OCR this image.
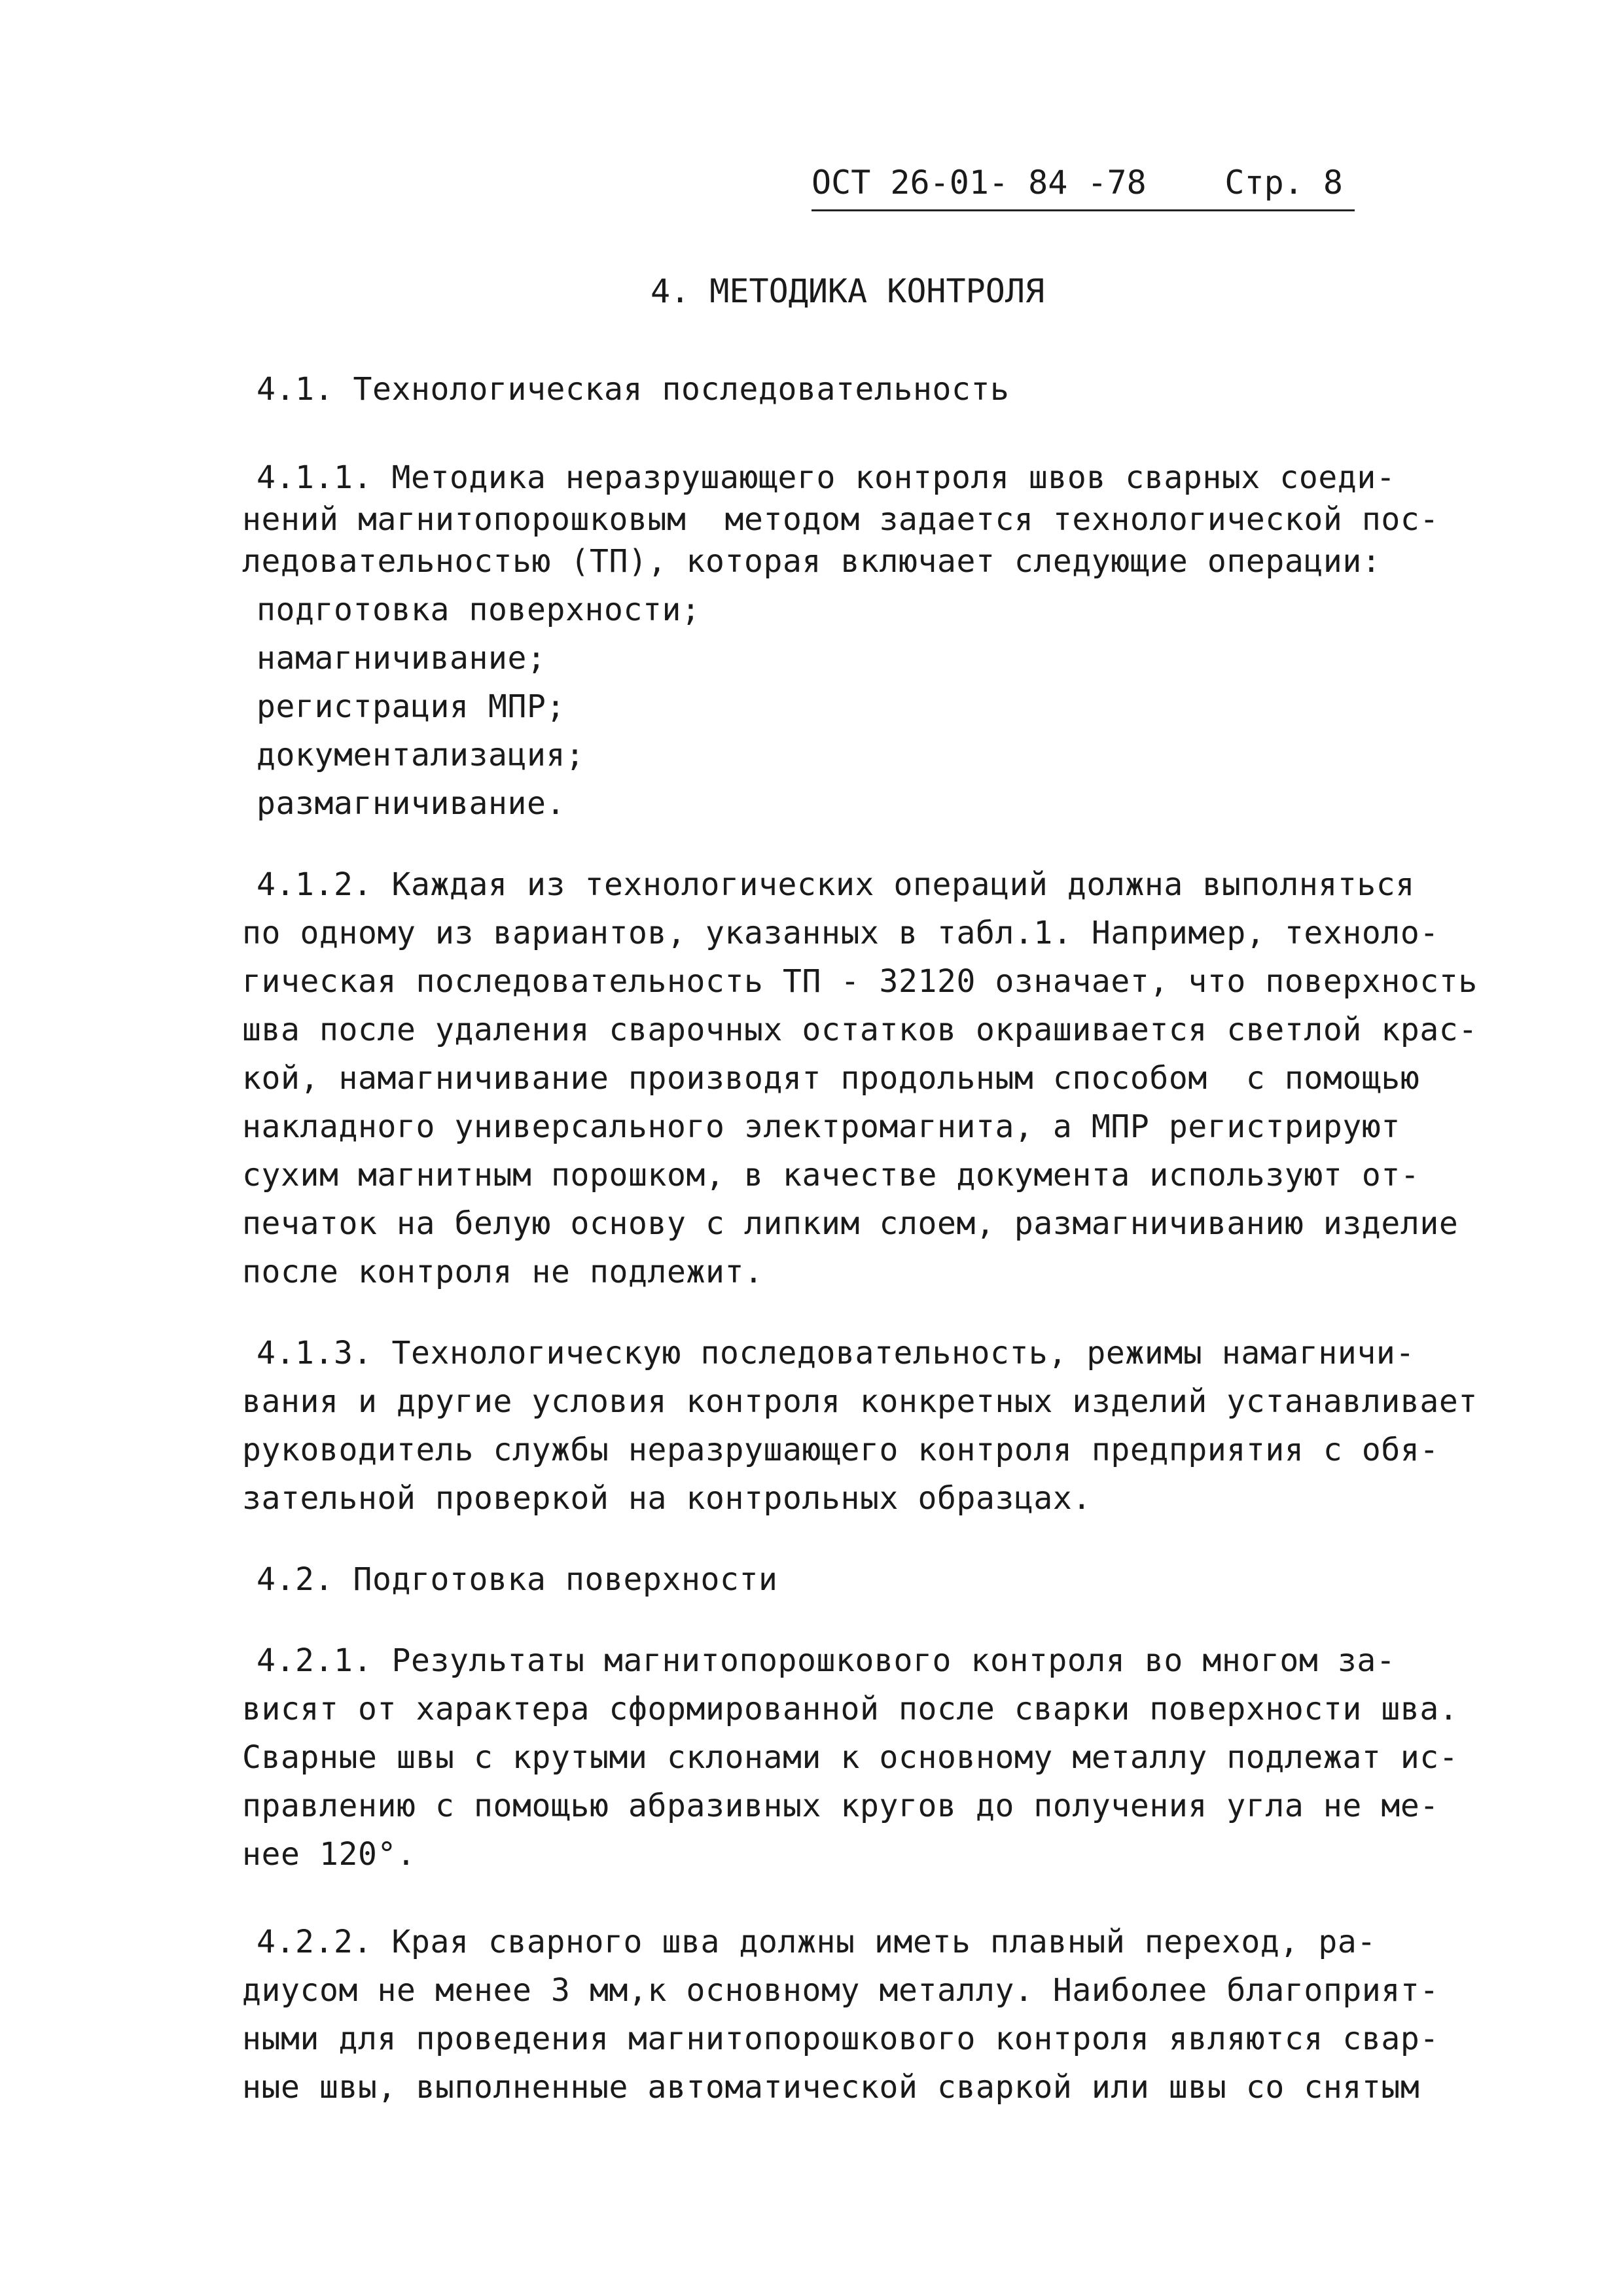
ОСТ 26-01- 84 -78 Стр. 8
4. МЕТОДИКА КОНТРОЛЯ
4.1. Технологическая последовательность
4.1.1. Методика неразрушающего контроля швов сварных соеди-
нений магнитопорошковым  методом задается технологической пос-
ледовательностью (ТП), которая включает следующие операции:
подготовка поверхности;
намагничивание;
регистрация МПР;
документализация;
размагничивание.
4.1.2. Каждая из технологических операций должна выполняться
по одному из вариантов, указанных в табл.1. Например, техноло-
гическая последовательность ТП - 32120 означает, что поверхность
шва после удаления сварочных остатков окрашивается светлой крас-
кой, намагничивание производят продольным способом  с помощью
накладного универсального электромагнита, а МПР регистрируют
сухим магнитным порошком, в качестве документа используют от-
печаток на белую основу с липким слоем, размагничиванию изделие
после контроля не подлежит.
4.1.3. Технологическую последовательность, режимы намагничи-
вания и другие условия контроля конкретных изделий устанавливает
руководитель службы неразрушающего контроля предприятия с обя-
зательной проверкой на контрольных образцах.
4.2. Подготовка поверхности
4.2.1. Результаты магнитопорошкового контроля во многом за-
висят от характера сформированной после сварки поверхности шва.
Сварные швы с крутыми склонами к основному металлу подлежат ис-
правлению с помощью абразивных кругов до получения угла не ме-
нее 120°.
4.2.2. Края сварного шва должны иметь плавный переход, ра-
диусом не менее 3 мм,к основному металлу. Наиболее благоприят-
ными для проведения магнитопорошкового контроля являются свар-
ные швы, выполненные автоматической сваркой или швы со снятым
